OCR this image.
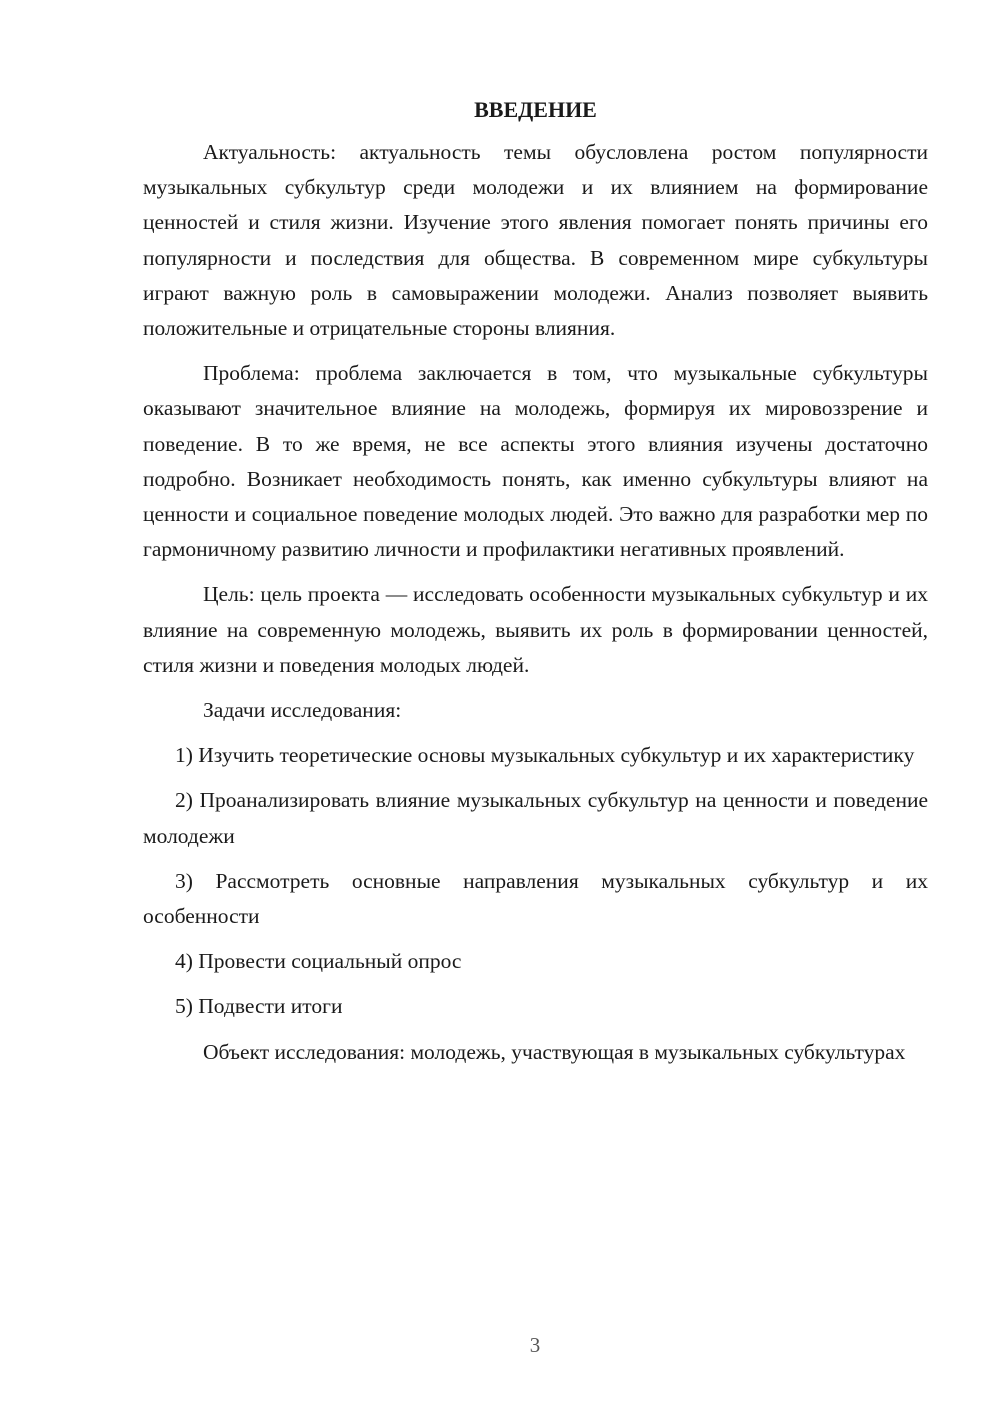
ВВЕДЕНИЕ

Актуальность: актуальность темы обусловлена ростом популярности музыкальных субкультур среди молодежи и их влиянием на формирование ценностей и стиля жизни. Изучение этого явления помогает понять причины его популярности и последствия для общества. В современном мире субкультуры играют важную роль в самовыражении молодежи. Анализ позволяет выявить положительные и отрицательные стороны влияния.

Проблема: проблема заключается в том, что музыкальные субкультуры оказывают значительное влияние на молодежь, формируя их мировоззрение и поведение. В то же время, не все аспекты этого влияния изучены достаточно подробно. Возникает необходимость понять, как именно субкультуры влияют на ценности и социальное поведение молодых людей. Это важно для разработки мер по гармоничному развитию личности и профилактики негативных проявлений.

Цель: цель проекта — исследовать особенности музыкальных субкультур и их влияние на современную молодежь, выявить их роль в формировании ценностей, стиля жизни и поведения молодых людей.

Задачи исследования:

1) Изучить теоретические основы музыкальных субкультур и их характеристику

2) Проанализировать влияние музыкальных субкультур на ценности и поведение молодежи

3) Рассмотреть основные направления музыкальных субкультур и их особенности

4) Провести социальный опрос

5) Подвести итоги

Объект исследования: молодежь, участвующая в музыкальных субкультурах

3
